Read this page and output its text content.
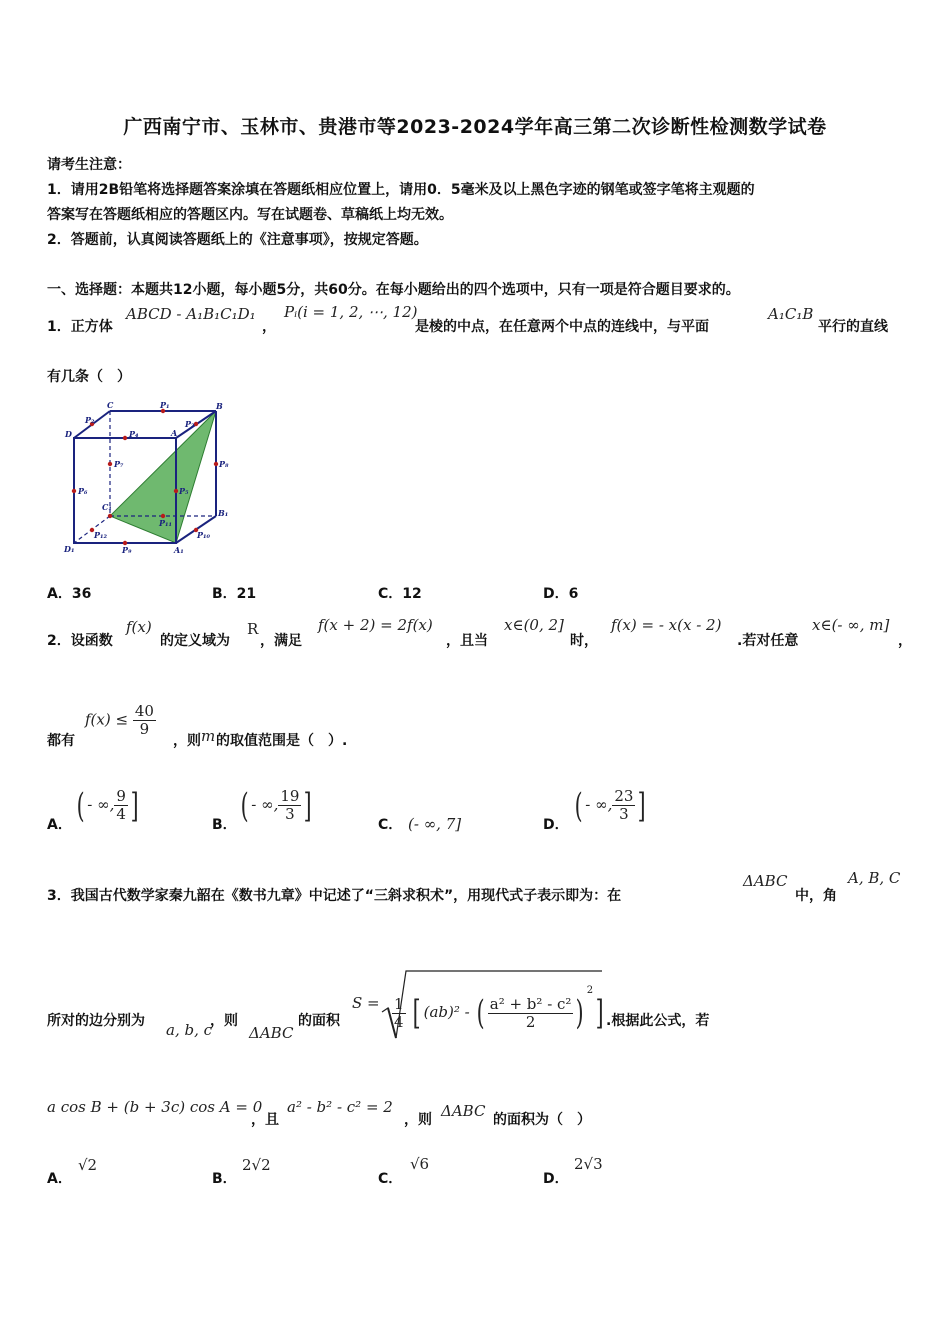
广西南宁市、玉林市、贵港市等2023-2024学年高三第二次诊断性检测数学试卷
请考生注意：
1．请用2B铅笔将选择题答案涂填在答题纸相应位置上，请用0．5毫米及以上黑色字迹的钢笔或签字笔将主观题的
答案写在答题纸相应的答题区内。写在试题卷、草稿纸上均无效。
2．答题前，认真阅读答题纸上的《注意事项》，按规定答题。
一、选择题：本题共12小题，每小题5分，共60分。在每小题给出的四个选项中，只有一项是符合题目要求的。
1．正方体
ABCD - A₁B₁C₁D₁
，
Pᵢ(i = 1, 2, ⋯, 12)
是棱的中点，在任意两个中点的连线中，与平面
A₁C₁B
平行的直线
有几条（　）
C	P₁	B
P₂
D
P₃
A
P₄
P₅
P₆
P₇	P₈
C₁
B₁
P₁₁
P₁₂	P₁₀
D₁	P₉	A₁
A．36	B．21	C．12	D．6
2．设函数
f(x)
的定义域为
R
，满足
f(x + 2) = 2f(x)
，且当
x∈(0, 2]
时，
f(x) = - x(x - 2)
.若对任意
x∈(- ∞, m]
，
都有
$f(x) \le \frac{40}{9}$
，则 m 的取值范围是（　）.
A． ( - ∞, $\frac{9}{4}$ ]	B． ( - ∞, $\frac{19}{3}$ ]	C． (- ∞, 7]	D． ( - ∞, $\frac{23}{3}$ ]
3．我国古代数学家秦九韶在《数书九章》中记述了“三斜求积术”，用现代式子表示即为：在
ΔABC
中，角
A, B, C
所对的边分别为 a, b, c
，则
ΔABC
的面积
$S = \frac{1}{4}$ [ (ab)² - ( $\frac{\text{a² + b² - c²}}{2} )^2$] .根据此公式，若
a cos B + (b + 3c) cos A = 0
，且
a² - b² - c² = 2
，则 ΔABC 的面积为（　）
A．
√2
B．
2√2
C．
√6
D．
2√3
